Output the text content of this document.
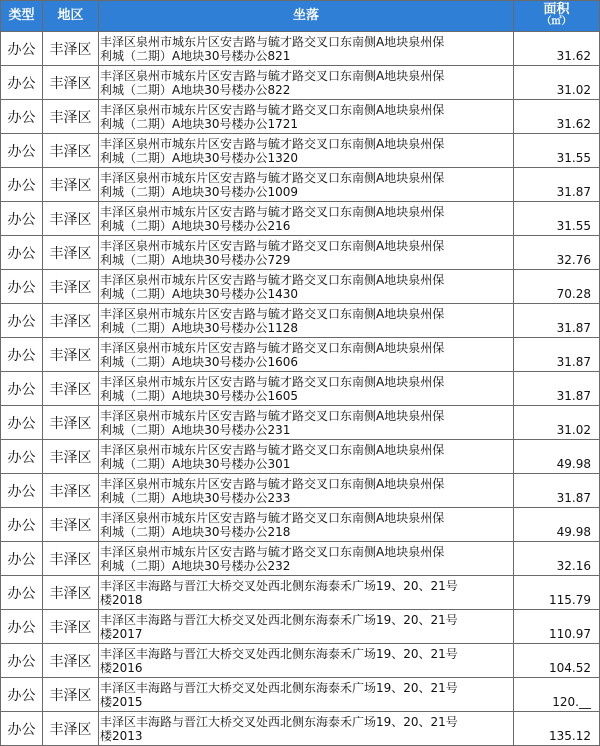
类型	地区	坐落	面积
（㎡）

办公	丰泽区	丰泽区泉州市城东片区安吉路与毓才路交叉口东南侧A地块泉州保
利城（二期）A地块30号楼办公821	31.62
办公	丰泽区	丰泽区泉州市城东片区安吉路与毓才路交叉口东南侧A地块泉州保
利城（二期）A地块30号楼办公822	31.02
办公	丰泽区	丰泽区泉州市城东片区安吉路与毓才路交叉口东南侧A地块泉州保
利城（二期）A地块30号楼办公1721	31.62
办公	丰泽区	丰泽区泉州市城东片区安吉路与毓才路交叉口东南侧A地块泉州保
利城（二期）A地块30号楼办公1320	31.55
办公	丰泽区	丰泽区泉州市城东片区安吉路与毓才路交叉口东南侧A地块泉州保
利城（二期）A地块30号楼办公1009	31.87
办公	丰泽区	丰泽区泉州市城东片区安吉路与毓才路交叉口东南侧A地块泉州保
利城（二期）A地块30号楼办公216	31.55
办公	丰泽区	丰泽区泉州市城东片区安吉路与毓才路交叉口东南侧A地块泉州保
利城（二期）A地块30号楼办公729	32.76
办公	丰泽区	丰泽区泉州市城东片区安吉路与毓才路交叉口东南侧A地块泉州保
利城（二期）A地块30号楼办公1430	70.28
办公	丰泽区	丰泽区泉州市城东片区安吉路与毓才路交叉口东南侧A地块泉州保
利城（二期）A地块30号楼办公1128	31.87
办公	丰泽区	丰泽区泉州市城东片区安吉路与毓才路交叉口东南侧A地块泉州保
利城（二期）A地块30号楼办公1606	31.87
办公	丰泽区	丰泽区泉州市城东片区安吉路与毓才路交叉口东南侧A地块泉州保
利城（二期）A地块30号楼办公1605	31.87
办公	丰泽区	丰泽区泉州市城东片区安吉路与毓才路交叉口东南侧A地块泉州保
利城（二期）A地块30号楼办公231	31.02
办公	丰泽区	丰泽区泉州市城东片区安吉路与毓才路交叉口东南侧A地块泉州保
利城（二期）A地块30号楼办公301	49.98
办公	丰泽区	丰泽区泉州市城东片区安吉路与毓才路交叉口东南侧A地块泉州保
利城（二期）A地块30号楼办公233	31.87
办公	丰泽区	丰泽区泉州市城东片区安吉路与毓才路交叉口东南侧A地块泉州保
利城（二期）A地块30号楼办公218	49.98
办公	丰泽区	丰泽区泉州市城东片区安吉路与毓才路交叉口东南侧A地块泉州保
利城（二期）A地块30号楼办公232	32.16
办公	丰泽区	丰泽区丰海路与晋江大桥交叉处西北侧东海泰禾广场19、20、21号
楼2018	115.79
办公	丰泽区	丰泽区丰海路与晋江大桥交叉处西北侧东海泰禾广场19、20、21号
楼2017	110.97
办公	丰泽区	丰泽区丰海路与晋江大桥交叉处西北侧东海泰禾广场19、20、21号
楼2016	104.52
办公	丰泽区	丰泽区丰海路与晋江大桥交叉处西北侧东海泰禾广场19、20、21号
楼2015	120.__
办公	丰泽区	丰泽区丰海路与晋江大桥交叉处西北侧东海泰禾广场19、20、21号
楼2013	135.12
